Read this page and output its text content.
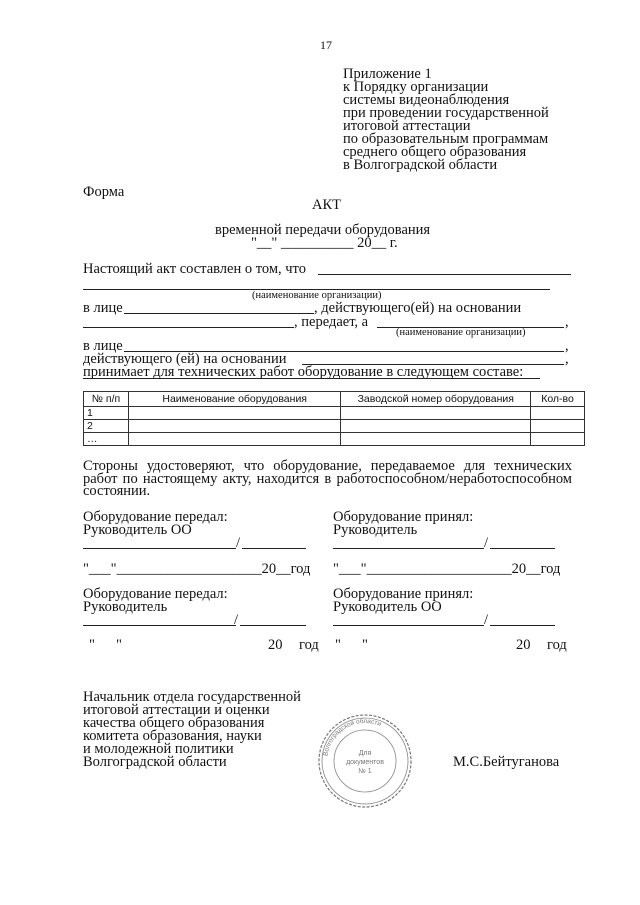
17
Приложение 1
к Порядку организации
системы видеонаблюдения
при проведении государственной
итоговой аттестации
по образовательным программам
среднего общего образования
в Волгоградской области
Форма
АКТ
временной передачи оборудования
"__" __________ 20__ г.
Настоящий акт составлен о том, что
(наименование организации)
в лице	, действующего(ей) на основании
, передает, а	,
(наименование организации)
в лице	,
действующего (ей) на основании	,
принимает для технических работ оборудование в следующем составе:
№ п/п	Наименование оборудования	Заводской номер оборудования	Кол-во
1			
2			
…			
Стороны удостоверяют, что оборудование, передаваемое для технических
работ по настоящему акту, находится в работоспособном/неработоспособном
состоянии.
Оборудование передал:
Руководитель ОО
Оборудование принял:
Руководитель
/	/
"___"____________________20__год "___"____________________20__год
Оборудование передал:
Руководитель
Оборудование принял:
Руководитель ОО
/	/
" "	20 год " "	20 год
Начальник отдела государственной
итоговой аттестации и оценки
качества общего образования
комитета образования, науки
и молодежной политики
Волгоградской области	М.С.Бейтуганова
Волгоградской области
Для
документов
№ 1
